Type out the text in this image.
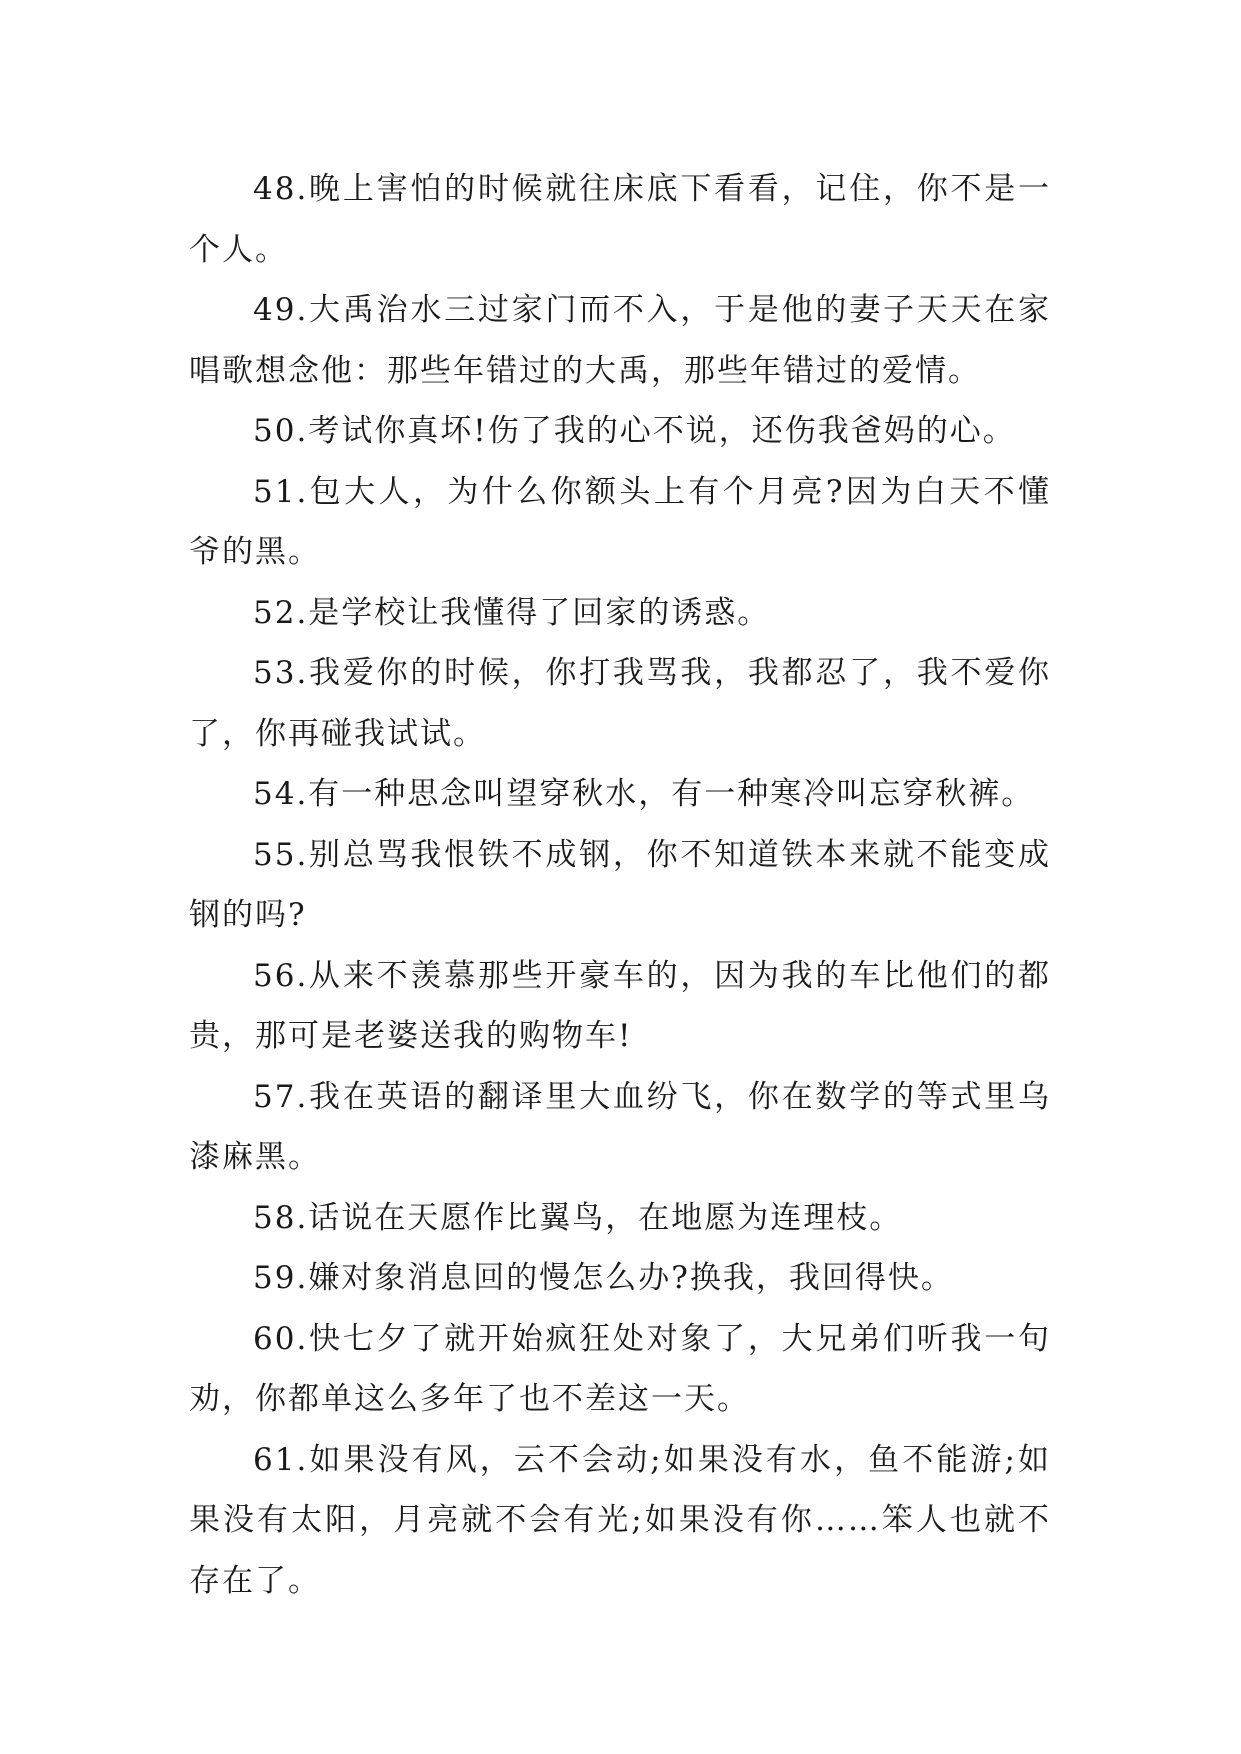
48.晚上害怕的时候就往床底下看看，记住，你不是一个人。

49.大禹治水三过家门而不入，于是他的妻子天天在家唱歌想念他：那些年错过的大禹，那些年错过的爱情。

50.考试你真坏!伤了我的心不说，还伤我爸妈的心。

51.包大人，为什么你额头上有个月亮?因为白天不懂爷的黑。

52.是学校让我懂得了回家的诱惑。

53.我爱你的时候，你打我骂我，我都忍了，我不爱你了，你再碰我试试。

54.有一种思念叫望穿秋水，有一种寒冷叫忘穿秋裤。

55.别总骂我恨铁不成钢，你不知道铁本来就不能变成钢的吗?

56.从来不羡慕那些开豪车的，因为我的车比他们的都贵，那可是老婆送我的购物车!

57.我在英语的翻译里大血纷飞，你在数学的等式里乌漆麻黑。

58.话说在天愿作比翼鸟，在地愿为连理枝。

59.嫌对象消息回的慢怎么办?换我，我回得快。

60.快七夕了就开始疯狂处对象了，大兄弟们听我一句劝，你都单这么多年了也不差这一天。

61.如果没有风，云不会动;如果没有水，鱼不能游;如果没有太阳，月亮就不会有光;如果没有你……笨人也就不存在了。
